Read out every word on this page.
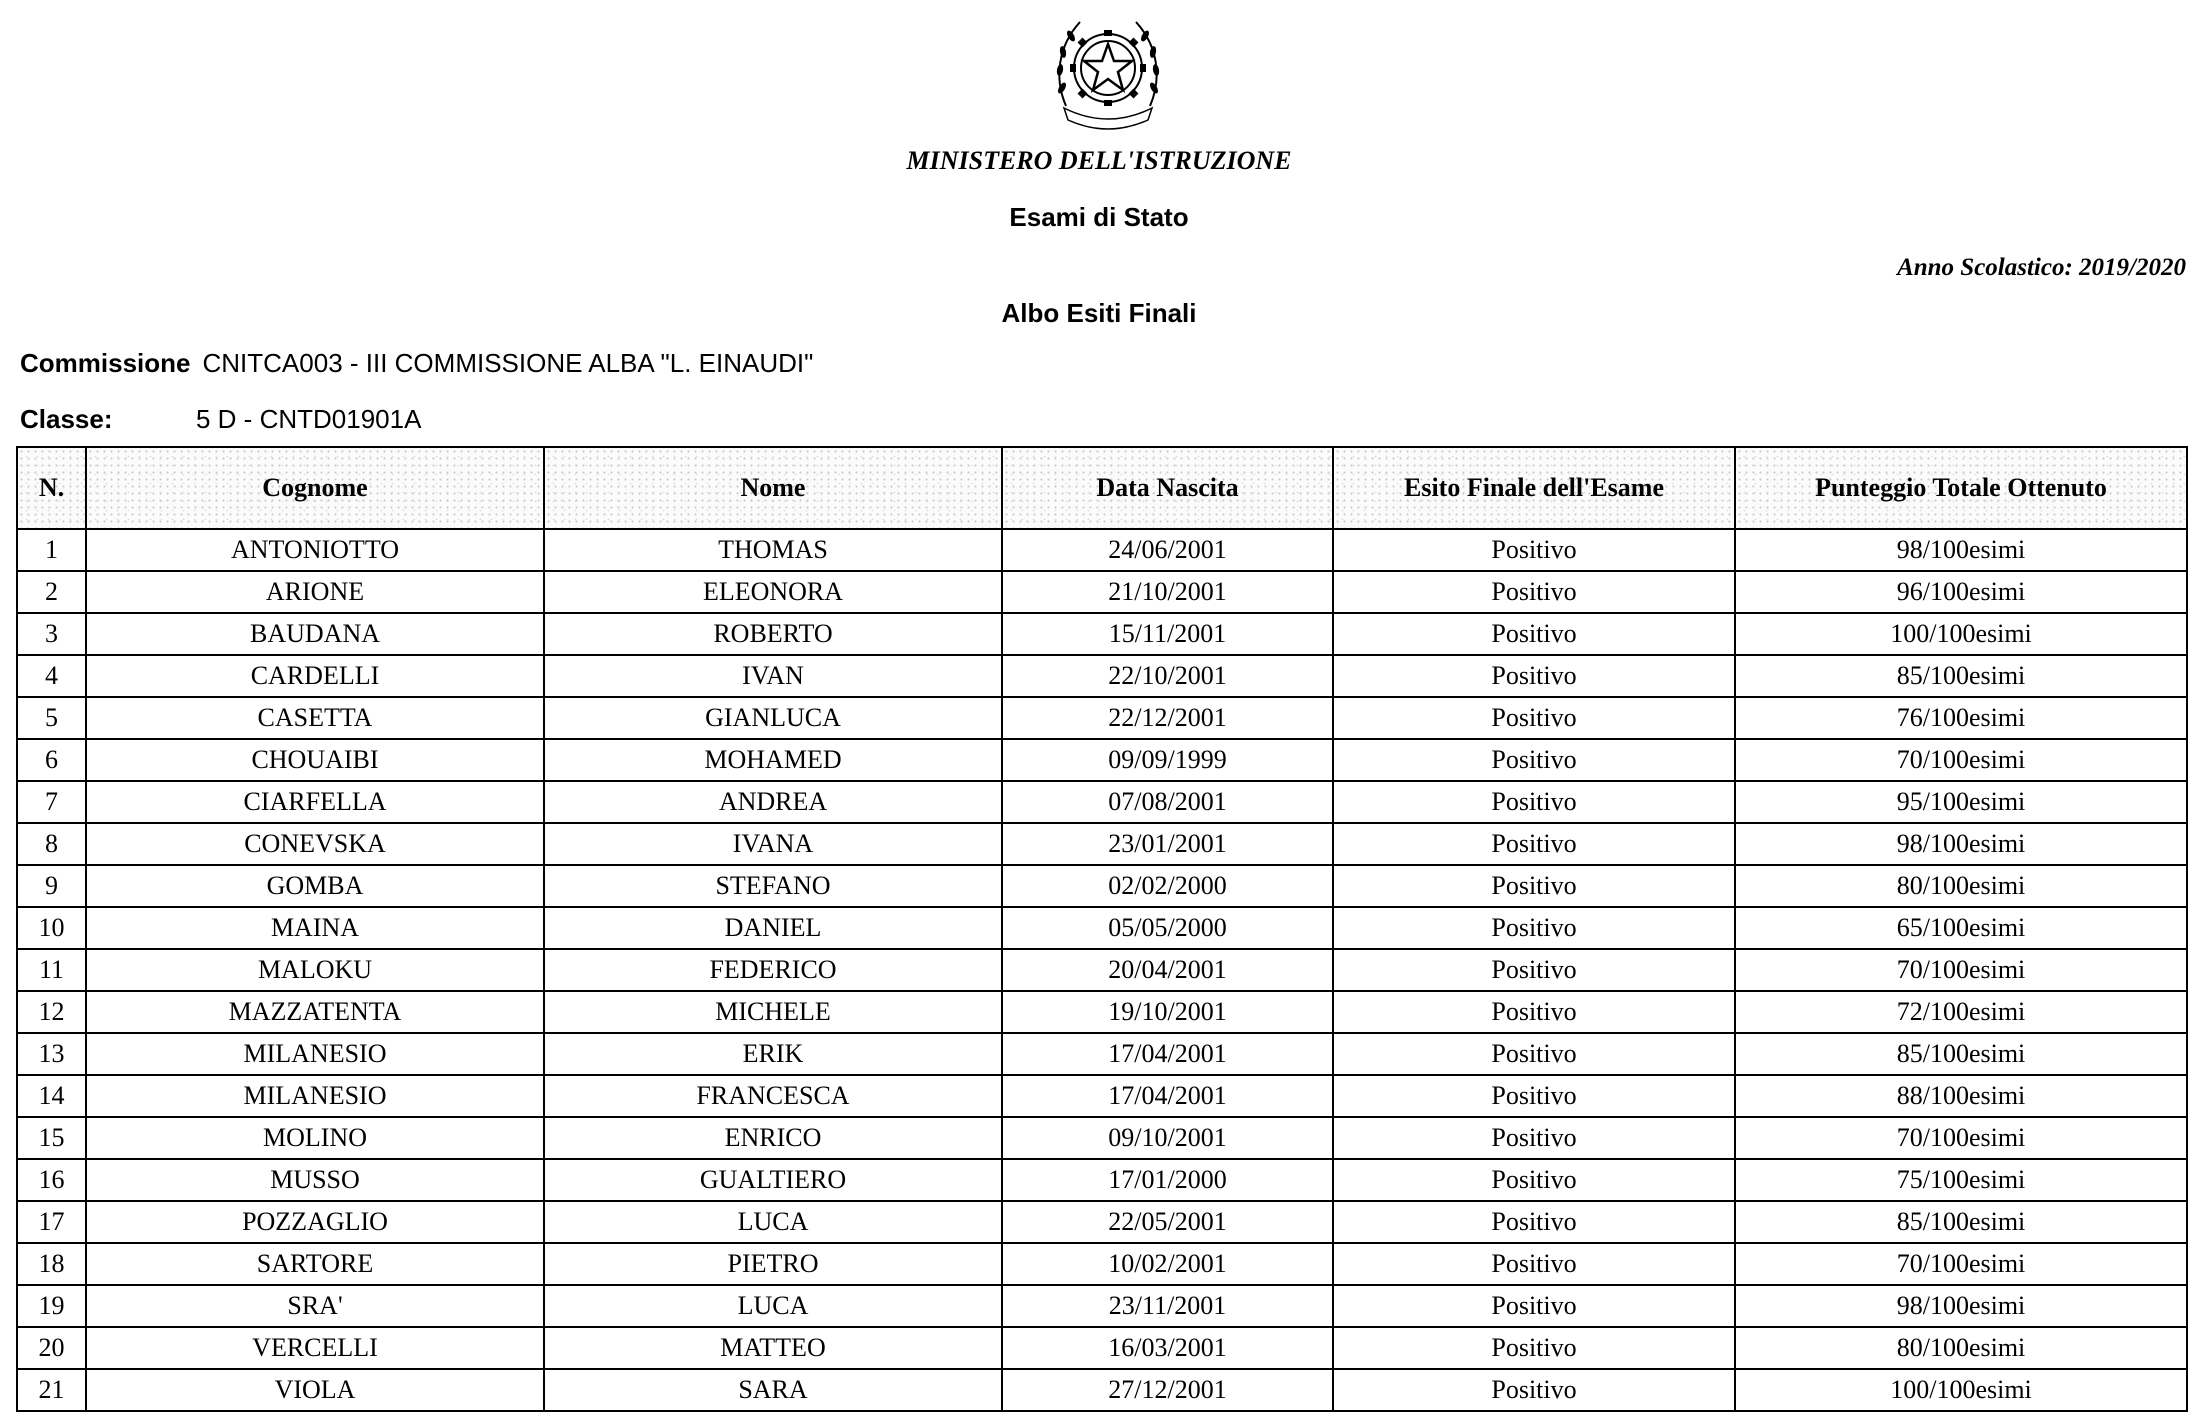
MINISTERO DELL'ISTRUZIONE
Esami di Stato
Anno Scolastico: 2019/2020
Albo Esiti Finali
Commissione CNITCA003 - III COMMISSIONE ALBA "L. EINAUDI"
Classe:	5 D - CNTD01901A
N.	Cognome	Nome	Data Nascita	Esito Finale dell'Esame	Punteggio Totale Ottenuto
1	ANTONIOTTO	THOMAS	24/06/2001	Positivo	98/100esimi
2	ARIONE	ELEONORA	21/10/2001	Positivo	96/100esimi
3	BAUDANA	ROBERTO	15/11/2001	Positivo	100/100esimi
4	CARDELLI	IVAN	22/10/2001	Positivo	85/100esimi
5	CASETTA	GIANLUCA	22/12/2001	Positivo	76/100esimi
6	CHOUAIBI	MOHAMED	09/09/1999	Positivo	70/100esimi
7	CIARFELLA	ANDREA	07/08/2001	Positivo	95/100esimi
8	CONEVSKA	IVANA	23/01/2001	Positivo	98/100esimi
9	GOMBA	STEFANO	02/02/2000	Positivo	80/100esimi
10	MAINA	DANIEL	05/05/2000	Positivo	65/100esimi
11	MALOKU	FEDERICO	20/04/2001	Positivo	70/100esimi
12	MAZZATENTA	MICHELE	19/10/2001	Positivo	72/100esimi
13	MILANESIO	ERIK	17/04/2001	Positivo	85/100esimi
14	MILANESIO	FRANCESCA	17/04/2001	Positivo	88/100esimi
15	MOLINO	ENRICO	09/10/2001	Positivo	70/100esimi
16	MUSSO	GUALTIERO	17/01/2000	Positivo	75/100esimi
17	POZZAGLIO	LUCA	22/05/2001	Positivo	85/100esimi
18	SARTORE	PIETRO	10/02/2001	Positivo	70/100esimi
19	SRA'	LUCA	23/11/2001	Positivo	98/100esimi
20	VERCELLI	MATTEO	16/03/2001	Positivo	80/100esimi
21	VIOLA	SARA	27/12/2001	Positivo	100/100esimi
